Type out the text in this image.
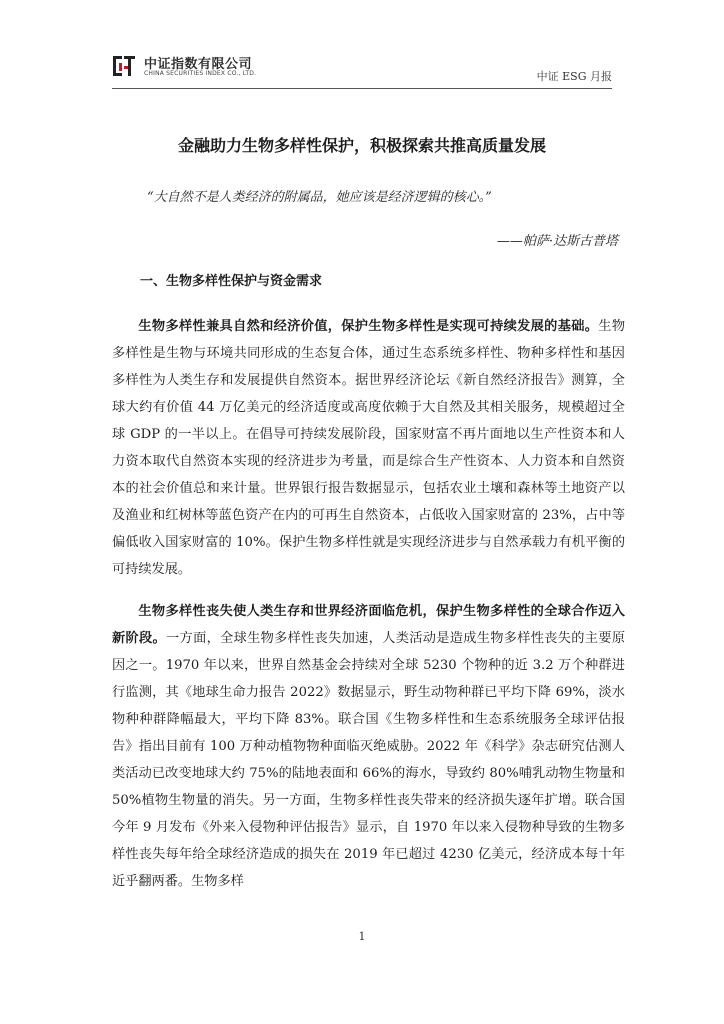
中证指数有限公司
CHINA SECURITIES INDEX CO., LTD.	中证 ESG 月报
金融助力生物多样性保护，积极探索共推高质量发展
“大自然不是人类经济的附属品，她应该是经济逻辑的核心。”
——帕萨·达斯古普塔
一、生物多样性保护与资金需求

生物多样性兼具自然和经济价值，保护生物多样性是实现可持续发展的基础。生物多样性是生物与环境共同形成的生态复合体，通过生态系统多样性、物种多样性和基因多样性为人类生存和发展提供自然资本。据世界经济论坛《新自然经济报告》测算，全球大约有价值 44 万亿美元的经济适度或高度依赖于大自然及其相关服务，规模超过全球 GDP 的一半以上。在倡导可持续发展阶段，国家财富不再片面地以生产性资本和人力资本取代自然资本实现的经济进步为考量，而是综合生产性资本、人力资本和自然资本的社会价值总和来计量。世界银行报告数据显示，包括农业土壤和森林等土地资产以及渔业和红树林等蓝色资产在内的可再生自然资本，占低收入国家财富的 23%，占中等偏低收入国家财富的 10%。保护生物多样性就是实现经济进步与自然承载力有机平衡的可持续发展。

生物多样性丧失使人类生存和世界经济面临危机，保护生物多样性的全球合作迈入新阶段。一方面，全球生物多样性丧失加速，人类活动是造成生物多样性丧失的主要原因之一。1970 年以来，世界自然基金会持续对全球 5230 个物种的近 3.2 万个种群进行监测，其《地球生命力报告 2022》数据显示，野生动物种群已平均下降 69%，淡水物种种群降幅最大，平均下降 83%。联合国《生物多样性和生态系统服务全球评估报告》指出目前有 100 万种动植物物种面临灭绝威胁。2022 年《科学》杂志研究估测人类活动已改变地球大约 75%的陆地表面和 66%的海水，导致约 80%哺乳动物生物量和 50%植物生物量的消失。另一方面，生物多样性丧失带来的经济损失逐年扩增。联合国今年 9 月发布《外来入侵物种评估报告》显示，自 1970 年以来入侵物种导致的生物多样性丧失每年给全球经济造成的损失在 2019 年已超过 4230 亿美元，经济成本每十年近乎翻两番。生物多样

1
